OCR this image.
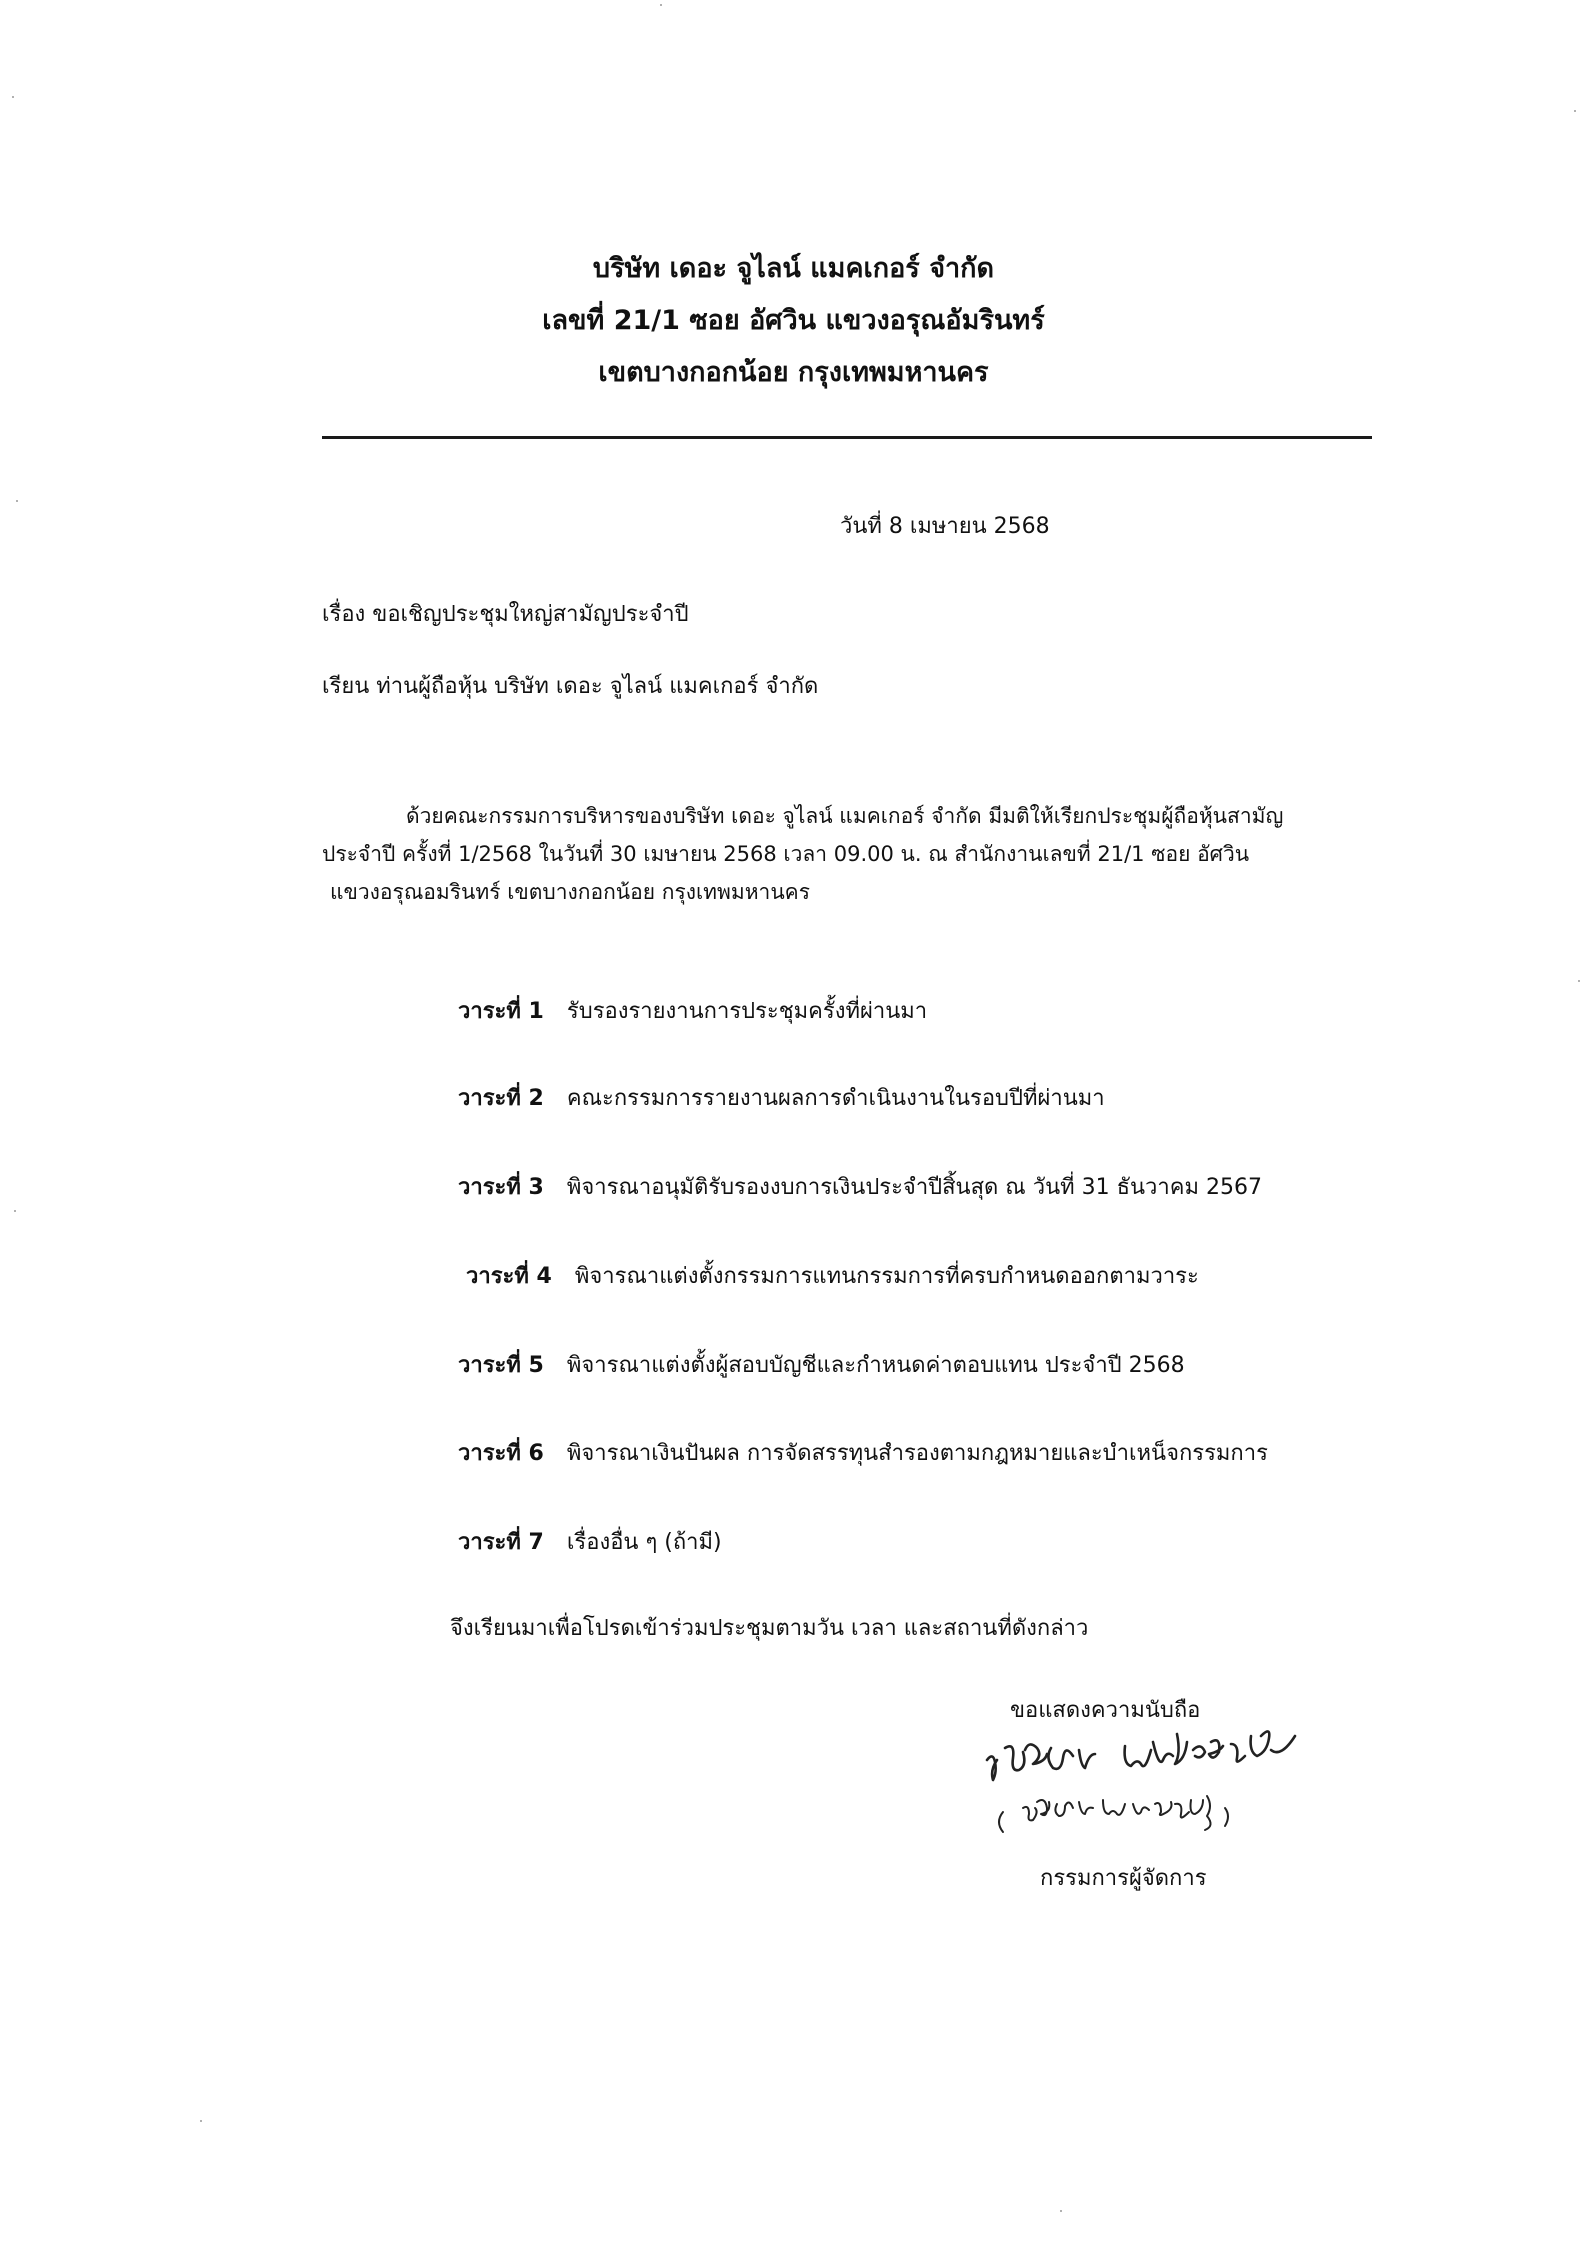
บริษัท เดอะ จูไลน์ แมคเกอร์ จำกัด
เลขที่ 21/1 ซอย อัศวิน แขวงอรุณอัมรินทร์
เขตบางกอกน้อย กรุงเทพมหานคร
วันที่ 8 เมษายน 2568
เรื่อง ขอเชิญประชุมใหญ่สามัญประจำปี
เรียน ท่านผู้ถือหุ้น บริษัท เดอะ จูไลน์ แมคเกอร์ จำกัด
ด้วยคณะกรรมการบริหารของบริษัท เดอะ จูไลน์ แมคเกอร์ จำกัด มีมติให้เรียกประชุมผู้ถือหุ้นสามัญ
ประจำปี ครั้งที่ 1/2568 ในวันที่ 30 เมษายน 2568 เวลา 09.00 น. ณ สำนักงานเลขที่ 21/1 ซอย อัศวิน
แขวงอรุณอมรินทร์ เขตบางกอกน้อย กรุงเทพมหานคร
วาระที่ 1 รับรองรายงานการประชุมครั้งที่ผ่านมา
วาระที่ 2 คณะกรรมการรายงานผลการดำเนินงานในรอบปีที่ผ่านมา
วาระที่ 3 พิจารณาอนุมัติรับรองงบการเงินประจำปีสิ้นสุด ณ วันที่ 31 ธันวาคม 2567
วาระที่ 4 พิจารณาแต่งตั้งกรรมการแทนกรรมการที่ครบกำหนดออกตามวาระ
วาระที่ 5 พิจารณาแต่งตั้งผู้สอบบัญชีและกำหนดค่าตอบแทน ประจำปี 2568
วาระที่ 6 พิจารณาเงินปันผล การจัดสรรทุนสำรองตามกฎหมายและบำเหน็จกรรมการ
วาระที่ 7 เรื่องอื่น ๆ (ถ้ามี)
จึงเรียนมาเพื่อโปรดเข้าร่วมประชุมตามวัน เวลา และสถานที่ดังกล่าว
ขอแสดงความนับถือ
กรรมการผู้จัดการ
